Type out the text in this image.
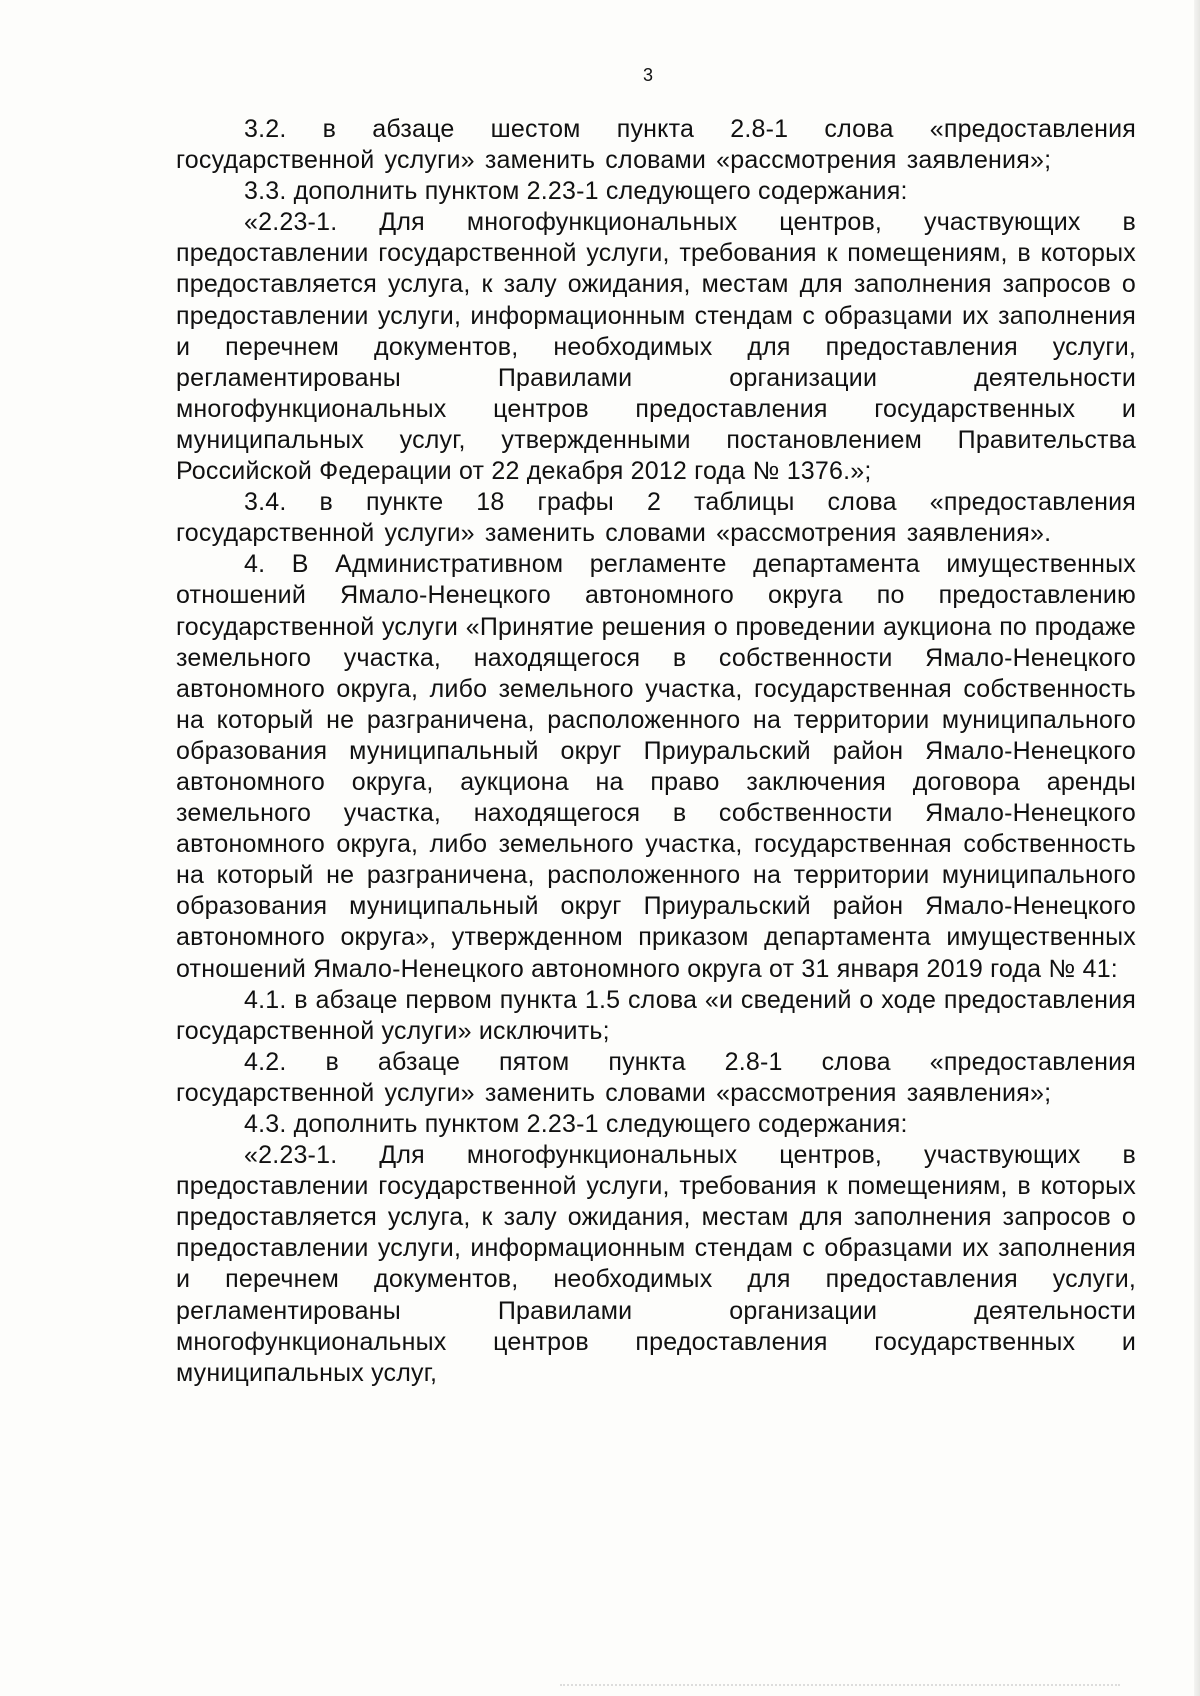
3

3.2. в абзаце шестом пункта 2.8-1 слова «предоставления государственной услуги» заменить словами «рассмотрения заявления»;

3.3. дополнить пунктом 2.23-1 следующего содержания:

«2.23-1. Для многофункциональных центров, участвующих в предоставлении государственной услуги, требования к помещениям, в которых предоставляется услуга, к залу ожидания, местам для заполнения запросов о предоставлении услуги, информационным стендам с образцами их заполнения и перечнем документов, необходимых для предоставления услуги, регламентированы Правилами организации деятельности многофункциональных центров предоставления государственных и муниципальных услуг, утвержденными постановлением Правительства Российской Федерации от 22 декабря 2012 года № 1376.»;

3.4. в пункте 18 графы 2 таблицы слова «предоставления государственной услуги» заменить словами «рассмотрения заявления».

4. В Административном регламенте департамента имущественных отношений Ямало-Ненецкого автономного округа по предоставлению государственной услуги «Принятие решения о проведении аукциона по продаже земельного участка, находящегося в собственности Ямало-Ненецкого автономного округа, либо земельного участка, государственная собственность на который не разграничена, расположенного на территории муниципального образования муниципальный округ Приуральский район Ямало-Ненецкого автономного округа, аукциона на право заключения договора аренды земельного участка, находящегося в собственности Ямало-Ненецкого автономного округа, либо земельного участка, государственная собственность на который не разграничена, расположенного на территории муниципального образования муниципальный округ Приуральский район Ямало-Ненецкого автономного округа», утвержденном приказом департамента имущественных отношений Ямало-Ненецкого автономного округа от 31 января 2019 года № 41:

4.1. в абзаце первом пункта 1.5 слова «и сведений о ходе предоставления государственной услуги» исключить;

4.2. в абзаце пятом пункта 2.8-1 слова «предоставления государственной услуги» заменить словами «рассмотрения заявления»;

4.3. дополнить пунктом 2.23-1 следующего содержания:

«2.23-1. Для многофункциональных центров, участвующих в предоставлении государственной услуги, требования к помещениям, в которых предоставляется услуга, к залу ожидания, местам для заполнения запросов о предоставлении услуги, информационным стендам с образцами их заполнения и перечнем документов, необходимых для предоставления услуги, регламентированы Правилами организации деятельности многофункциональных центров предоставления государственных и муниципальных услуг,
